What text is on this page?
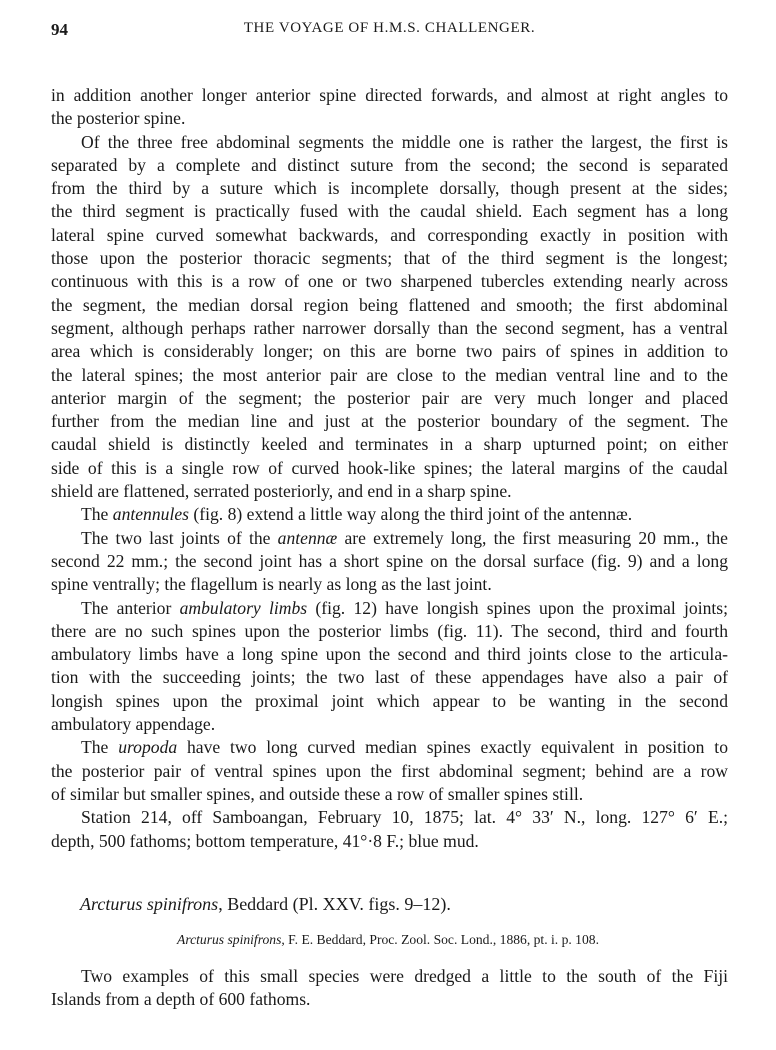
94	THE VOYAGE OF H.M.S. CHALLENGER.
in addition another longer anterior spine directed forwards, and almost at right angles to
the posterior spine.
Of the three free abdominal segments the middle one is rather the largest, the first is
separated by a complete and distinct suture from the second; the second is separated
from the third by a suture which is incomplete dorsally, though present at the sides;
the third segment is practically fused with the caudal shield. Each segment has a long
lateral spine curved somewhat backwards, and corresponding exactly in position with
those upon the posterior thoracic segments; that of the third segment is the longest;
continuous with this is a row of one or two sharpened tubercles extending nearly across
the segment, the median dorsal region being flattened and smooth; the first abdominal
segment, although perhaps rather narrower dorsally than the second segment, has a ventral
area which is considerably longer; on this are borne two pairs of spines in addition to
the lateral spines; the most anterior pair are close to the median ventral line and to the
anterior margin of the segment; the posterior pair are very much longer and placed
further from the median line and just at the posterior boundary of the segment. The
caudal shield is distinctly keeled and terminates in a sharp upturned point; on either
side of this is a single row of curved hook-like spines; the lateral margins of the caudal
shield are flattened, serrated posteriorly, and end in a sharp spine.
The antennules (fig. 8) extend a little way along the third joint of the antennæ.
The two last joints of the antennæ are extremely long, the first measuring 20 mm., the
second 22 mm.; the second joint has a short spine on the dorsal surface (fig. 9) and a long
spine ventrally; the flagellum is nearly as long as the last joint.
The anterior ambulatory limbs (fig. 12) have longish spines upon the proximal joints;
there are no such spines upon the posterior limbs (fig. 11). The second, third and fourth
ambulatory limbs have a long spine upon the second and third joints close to the articula-
tion with the succeeding joints; the two last of these appendages have also a pair of
longish spines upon the proximal joint which appear to be wanting in the second
ambulatory appendage.
The uropoda have two long curved median spines exactly equivalent in position to
the posterior pair of ventral spines upon the first abdominal segment; behind are a row
of similar but smaller spines, and outside these a row of smaller spines still.
Station 214, off Samboangan, February 10, 1875; lat. 4° 33′ N., long. 127° 6′ E.;
depth, 500 fathoms; bottom temperature, 41°·8 F.; blue mud.
Arcturus spinifrons, Beddard (Pl. XXV. figs. 9–12).
Arcturus spinifrons, F. E. Beddard, Proc. Zool. Soc. Lond., 1886, pt. i. p. 108.
Two examples of this small species were dredged a little to the south of the Fiji
Islands from a depth of 600 fathoms.
